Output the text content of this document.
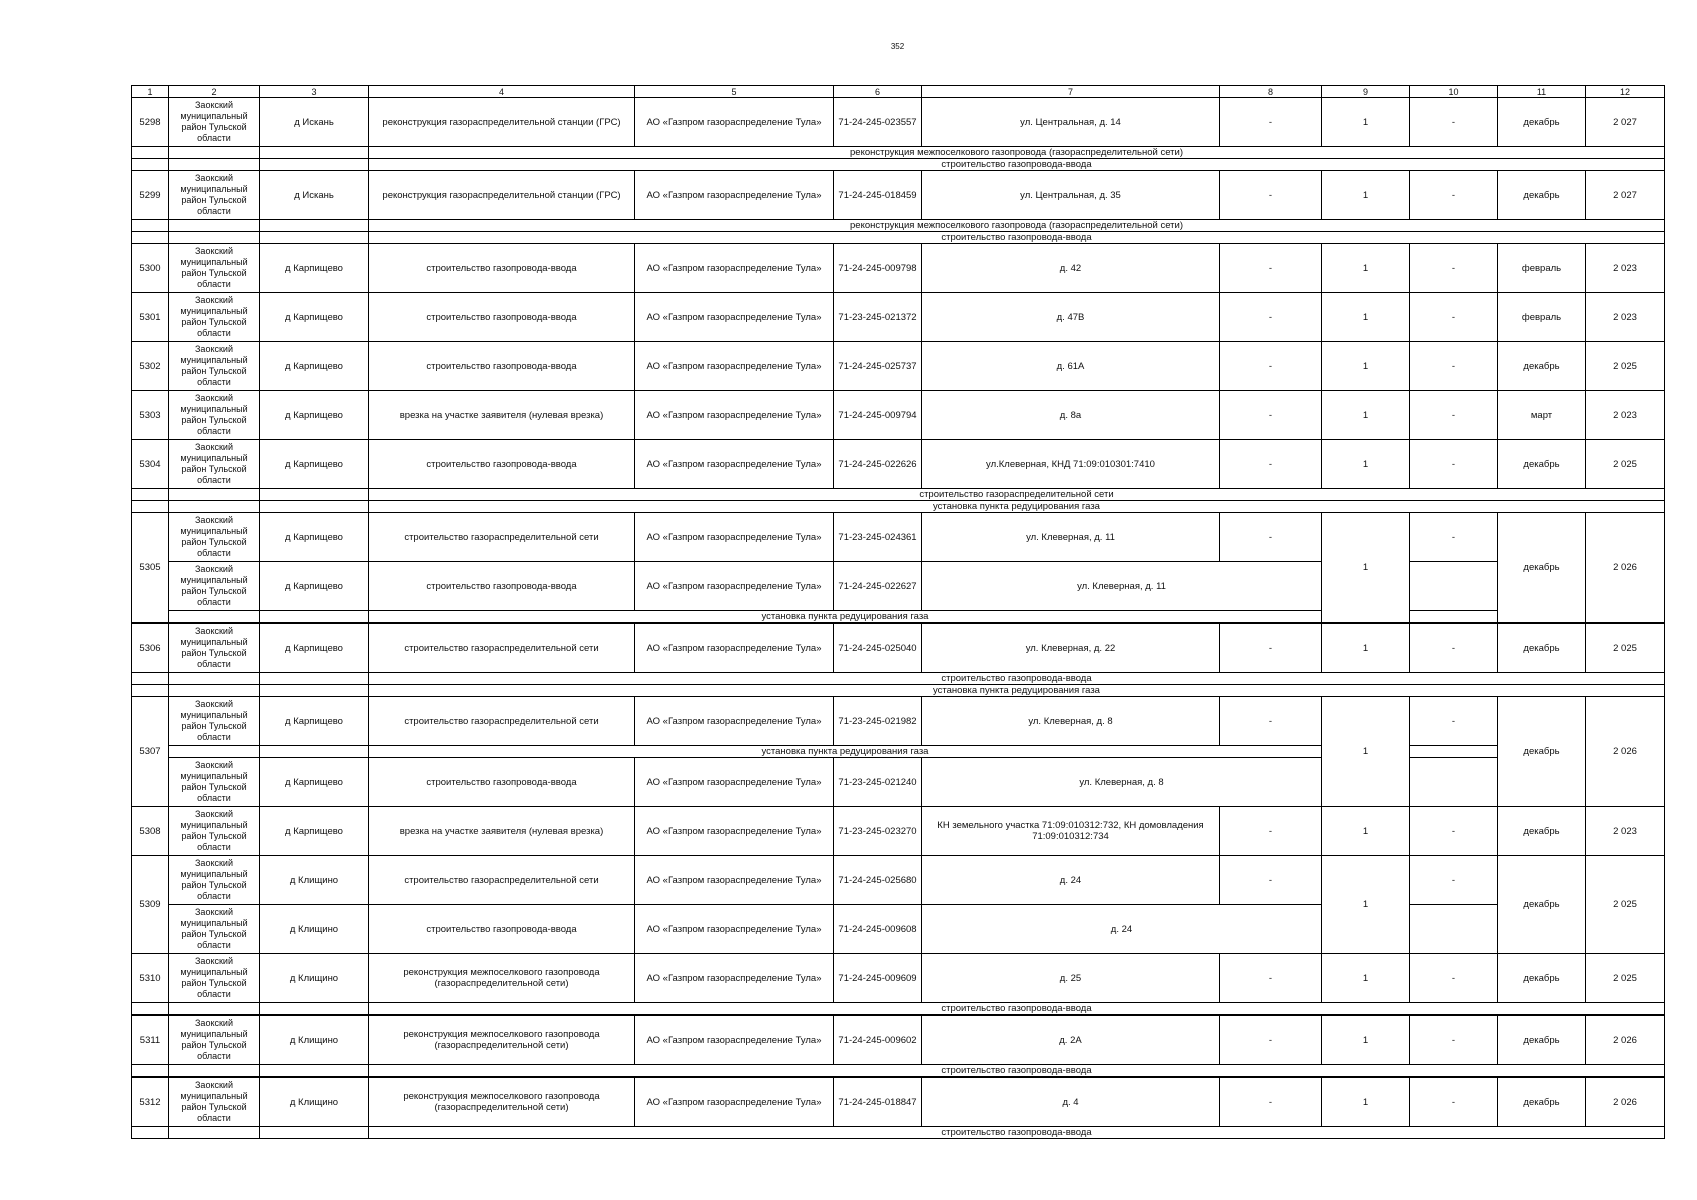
352
1	2	3	4	5	6	7	8	9	10	11	12
5298	Заокский муниципальный район Тульской области	д Искань	реконструкция газораспределительной станции (ГРС)	АО «Газпром газораспределение Тула»	71-24-245-023557	ул. Центральная, д. 14	-	1	-	декабрь	2 027
			реконструкция межпоселкового газопровода (газораспределительной сети)								
			строительство газопровода-ввода								
5299	Заокский муниципальный район Тульской области	д Искань	реконструкция газораспределительной станции (ГРС)	АО «Газпром газораспределение Тула»	71-24-245-018459	ул. Центральная, д. 35	-	1	-	декабрь	2 027
			реконструкция межпоселкового газопровода (газораспределительной сети)								
			строительство газопровода-ввода								
5300	Заокский муниципальный район Тульской области	д Карпищево	строительство газопровода-ввода	АО «Газпром газораспределение Тула»	71-24-245-009798	д. 42	-	1	-	февраль	2 023
5301	Заокский муниципальный район Тульской области	д Карпищево	строительство газопровода-ввода	АО «Газпром газораспределение Тула»	71-23-245-021372	д. 47В	-	1	-	февраль	2 023
5302	Заокский муниципальный район Тульской области	д Карпищево	строительство газопровода-ввода	АО «Газпром газораспределение Тула»	71-24-245-025737	д. 61А	-	1	-	декабрь	2 025
5303	Заокский муниципальный район Тульской области	д Карпищево	врезка на участке заявителя (нулевая врезка)	АО «Газпром газораспределение Тула»	71-24-245-009794	д. 8а	-	1	-	март	2 023
5304	Заокский муниципальный район Тульской области	д Карпищево	строительство газопровода-ввода	АО «Газпром газораспределение Тула»	71-24-245-022626	ул.Клеверная, КНД 71:09:010301:7410	-	1	-	декабрь	2 025
			строительство газораспределительной сети								
			установка пункта редуцирования газа								
5305	Заокский муниципальный район Тульской области	д Карпищево	строительство газораспределительной сети	АО «Газпром газораспределение Тула»	71-23-245-024361	ул. Клеверная, д. 11	-	1	-	декабрь	2 026
	Заокский муниципальный район Тульской области	д Карпищево	строительство газопровода-ввода	АО «Газпром газораспределение Тула»	71-24-245-022627	ул. Клеверная, д. 11					
			установка пункта редуцирования газа								
5306	Заокский муниципальный район Тульской области	д Карпищево	строительство газораспределительной сети	АО «Газпром газораспределение Тула»	71-24-245-025040	ул. Клеверная, д. 22	-	1	-	декабрь	2 025
			строительство газопровода-ввода								
			установка пункта редуцирования газа								
5307	Заокский муниципальный район Тульской области	д Карпищево	строительство газораспределительной сети	АО «Газпром газораспределение Тула»	71-23-245-021982	ул. Клеверная, д. 8	-	1	-	декабрь	2 026
			установка пункта редуцирования газа								
	Заокский муниципальный район Тульской области	д Карпищево	строительство газопровода-ввода	АО «Газпром газораспределение Тула»	71-23-245-021240	ул. Клеверная, д. 8					
5308	Заокский муниципальный район Тульской области	д Карпищево	врезка на участке заявителя (нулевая врезка)	АО «Газпром газораспределение Тула»	71-23-245-023270	КН земельного участка 71:09:010312:732, КН домовладения 71:09:010312:734	-	1	-	декабрь	2 023
5309	Заокский муниципальный район Тульской области	д Клищино	строительство газораспределительной сети	АО «Газпром газораспределение Тула»	71-24-245-025680	д. 24	-	1	-	декабрь	2 025
	Заокский муниципальный район Тульской области	д Клищино	строительство газопровода-ввода	АО «Газпром газораспределение Тула»	71-24-245-009608	д. 24					
5310	Заокский муниципальный район Тульской области	д Клищино	реконструкция межпоселкового газопровода (газораспределительной сети)	АО «Газпром газораспределение Тула»	71-24-245-009609	д. 25	-	1	-	декабрь	2 025
			строительство газопровода-ввода								
5311	Заокский муниципальный район Тульской области	д Клищино	реконструкция межпоселкового газопровода (газораспределительной сети)	АО «Газпром газораспределение Тула»	71-24-245-009602	д. 2А	-	1	-	декабрь	2 026
			строительство газопровода-ввода								
5312	Заокский муниципальный район Тульской области	д Клищино	реконструкция межпоселкового газопровода (газораспределительной сети)	АО «Газпром газораспределение Тула»	71-24-245-018847	д. 4	-	1	-	декабрь	2 026
			строительство газопровода-ввода								
